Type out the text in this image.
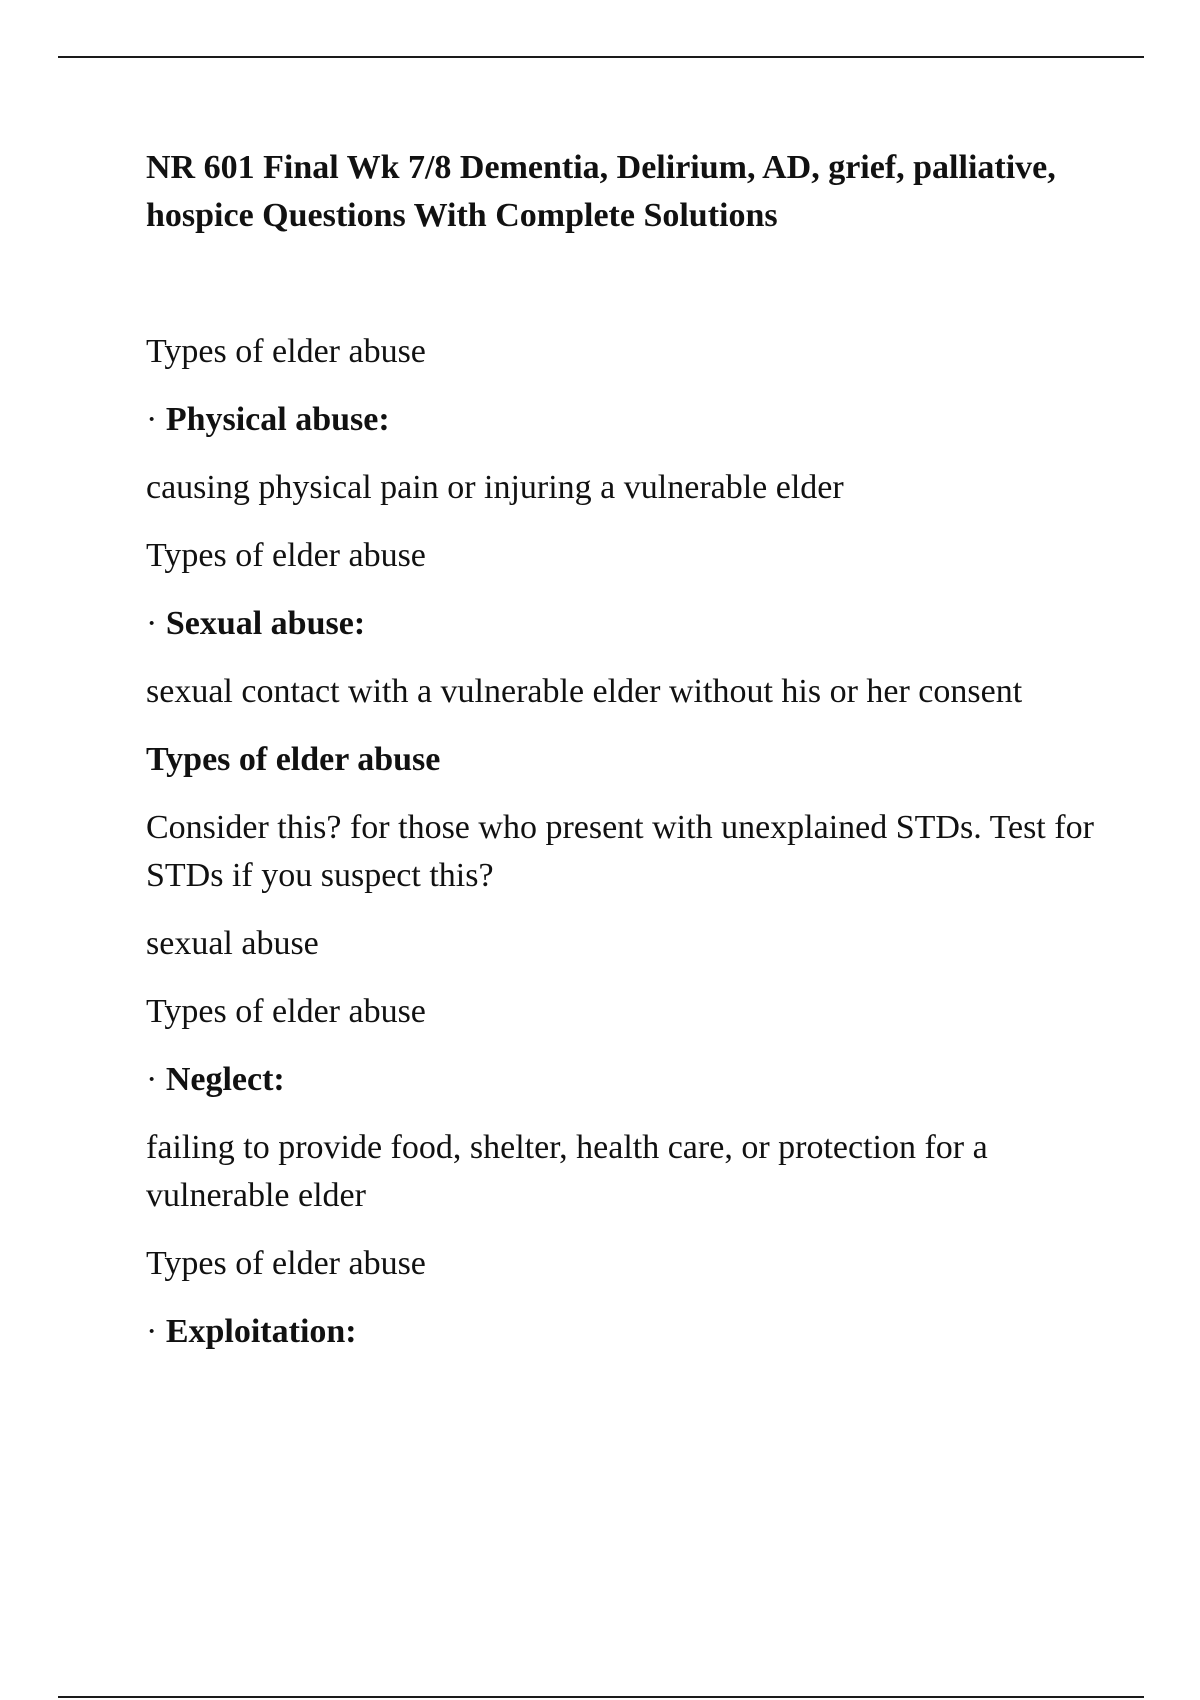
NR 601 Final Wk 7/8 Dementia, Delirium, AD, grief, palliative, hospice Questions With Complete Solutions

Types of elder abuse

· Physical abuse:

causing physical pain or injuring a vulnerable elder

Types of elder abuse

· Sexual abuse:

sexual contact with a vulnerable elder without his or her consent

Types of elder abuse

Consider this? for those who present with unexplained STDs. Test for STDs if you suspect this?

sexual abuse

Types of elder abuse

· Neglect:

failing to provide food, shelter, health care, or protection for a vulnerable elder

Types of elder abuse

· Exploitation:
